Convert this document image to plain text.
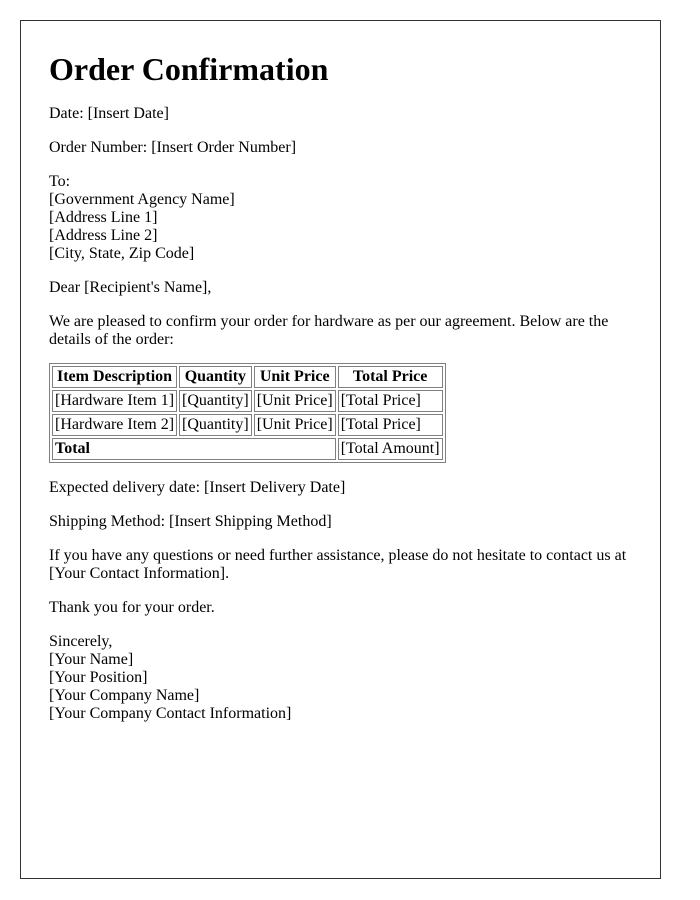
Order Confirmation

Date: [Insert Date]

Order Number: [Insert Order Number]

To:
[Government Agency Name]
[Address Line 1]
[Address Line 2]
[City, State, Zip Code]

Dear [Recipient's Name],

We are pleased to confirm your order for hardware as per our agreement. Below are the details of the order:

Item Description	Quantity	Unit Price	Total Price
[Hardware Item 1]	[Quantity]	[Unit Price]	[Total Price]
[Hardware Item 2]	[Quantity]	[Unit Price]	[Total Price]
Total			[Total Amount]

Expected delivery date: [Insert Delivery Date]

Shipping Method: [Insert Shipping Method]

If you have any questions or need further assistance, please do not hesitate to contact us at [Your Contact Information].

Thank you for your order.

Sincerely,
[Your Name]
[Your Position]
[Your Company Name]
[Your Company Contact Information]
